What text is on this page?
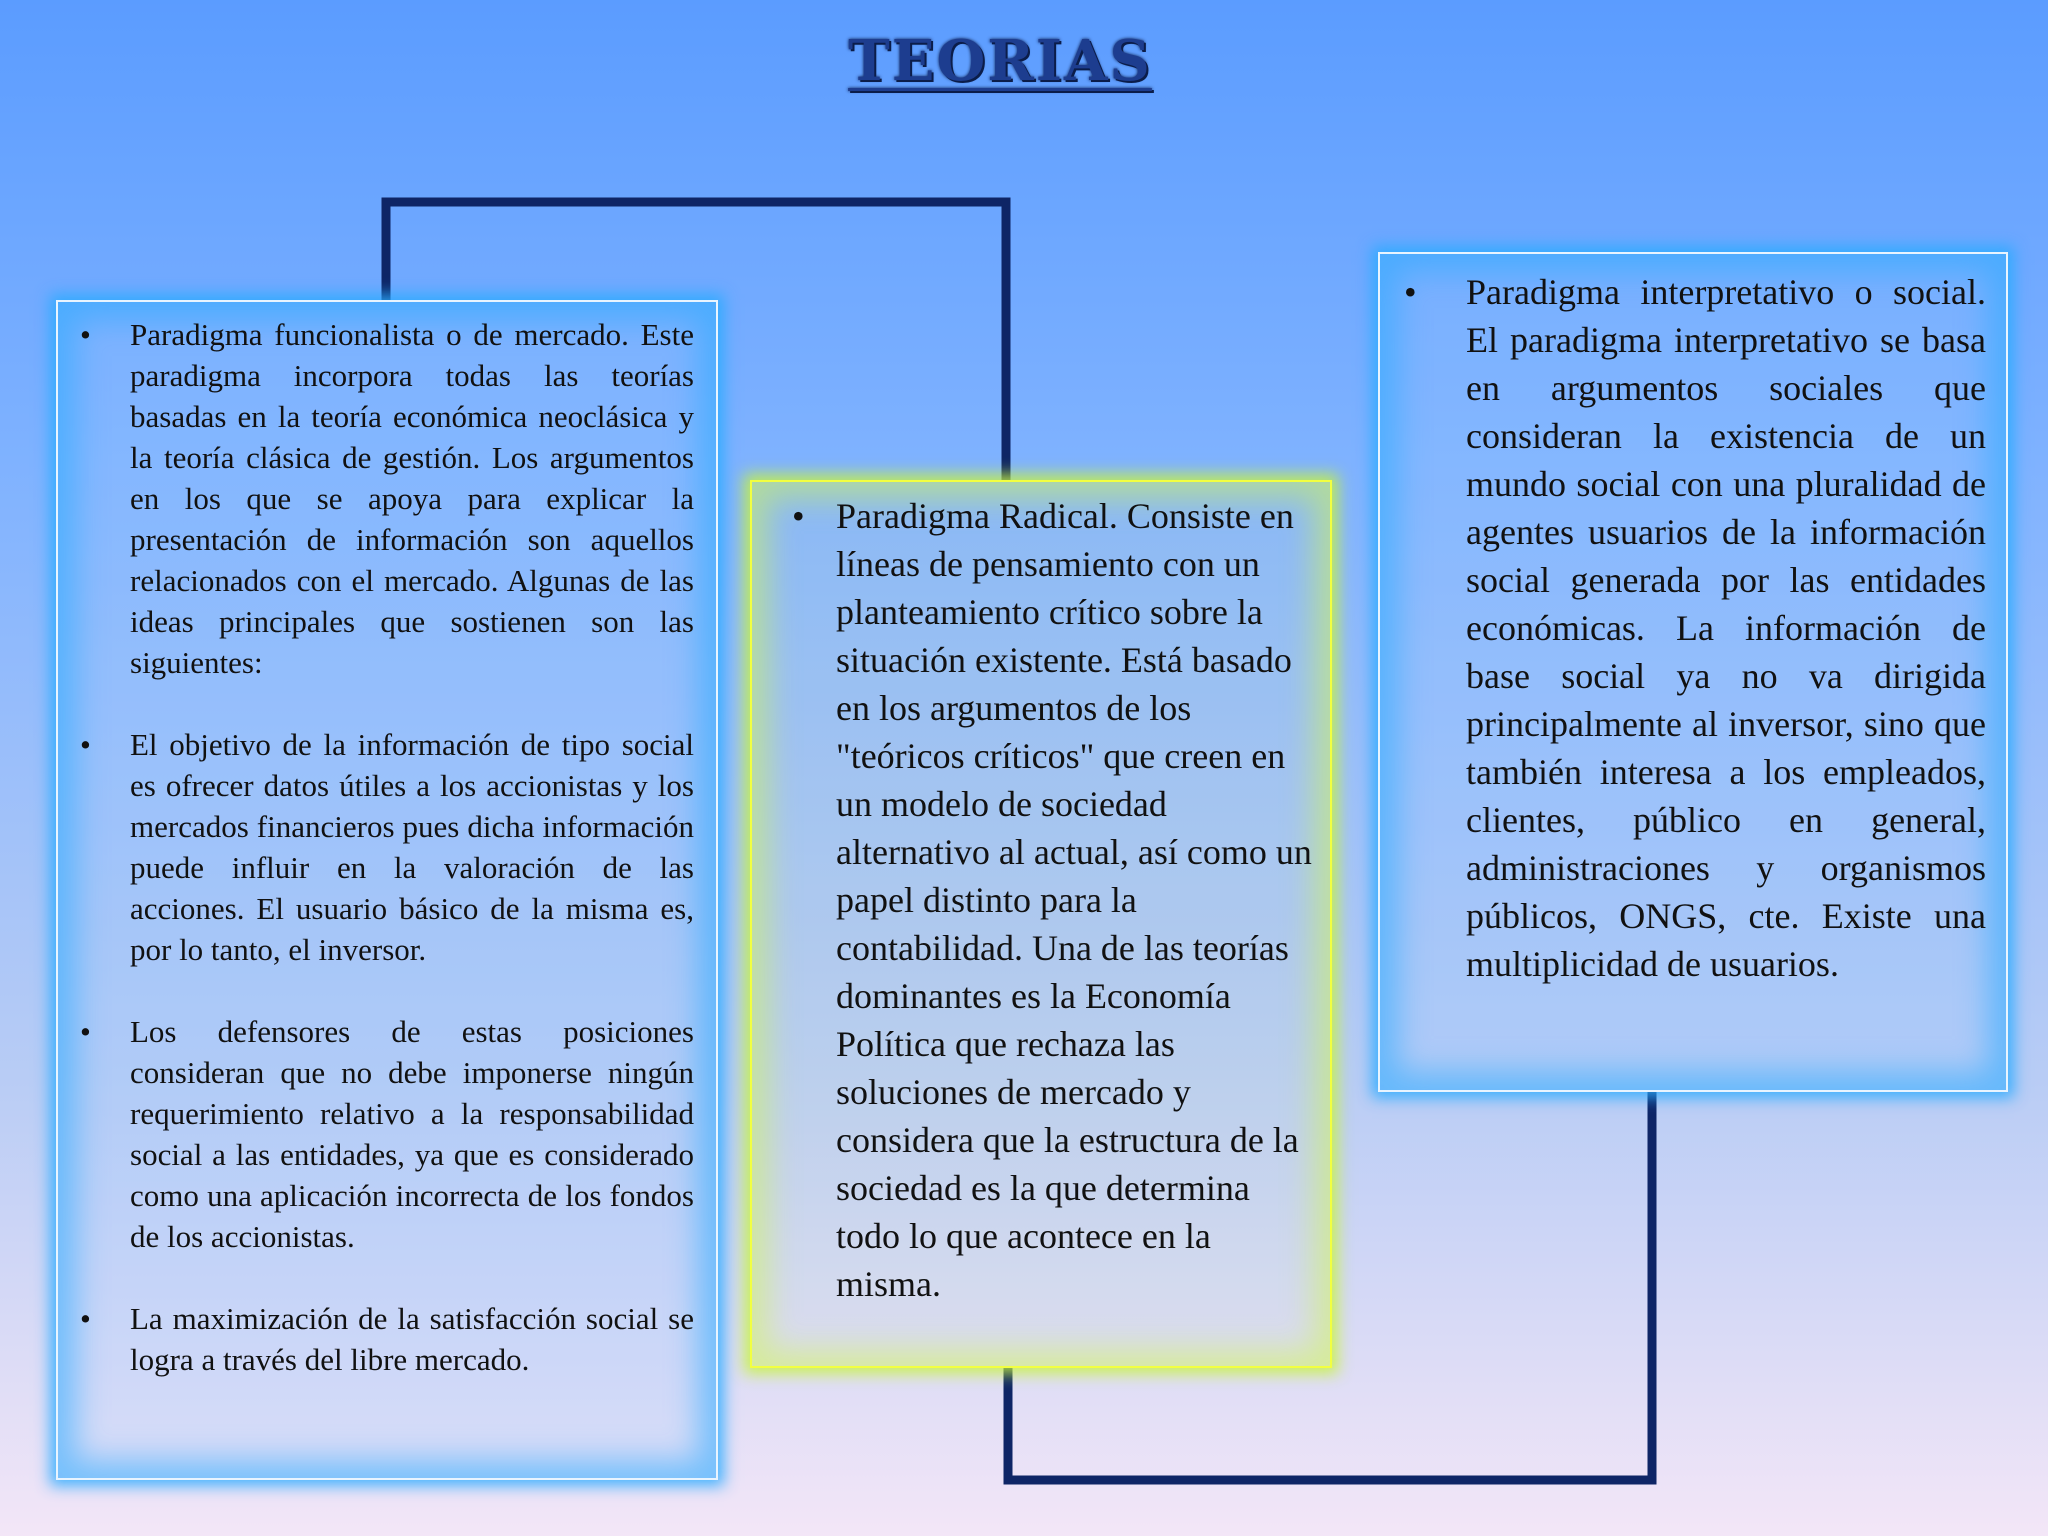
TEORIAS
• Paradigma funcionalista o de mercado. Este paradigma incorpora todas las teorías basadas en la teoría económica neoclásica y la teoría clásica de gestión. Los argumentos en los que se apoya para explicar la presentación de información son aquellos relacionados con el mercado. Algunas de las ideas principales que sostienen son las siguientes:
• El objetivo de la información de tipo social es ofrecer datos útiles a los accionistas y los mercados financieros pues dicha información puede influir en la valoración de las acciones. El usuario básico de la misma es, por lo tanto, el inversor.
• Los defensores de estas posiciones consideran que no debe imponerse ningún requerimiento relativo a la responsabilidad social a las entidades, ya que es considerado como una aplicación incorrecta de los fondos de los accionistas.
• La maximización de la satisfacción social se logra a través del libre mercado.
• Paradigma Radical. Consiste en líneas de pensamiento con un planteamiento crítico sobre la situación existente. Está basado en los argumentos de los "teóricos críticos" que creen en un modelo de sociedad alternativo al actual, así como un papel distinto para la contabilidad. Una de las teorías dominantes es la Economía Política que rechaza las soluciones de mercado y considera que la estructura de la sociedad es la que determina todo lo que acontece en la misma.
• Paradigma interpretativo o social. El paradigma interpretativo se basa en argumentos sociales que consideran la existencia de un mundo social con una pluralidad de agentes usuarios de la información social generada por las entidades económicas. La información de base social ya no va dirigida principalmente al inversor, sino que también interesa a los empleados, clientes, público en general, administraciones y organismos públicos, ONGS, cte. Existe una multiplicidad de usuarios.
